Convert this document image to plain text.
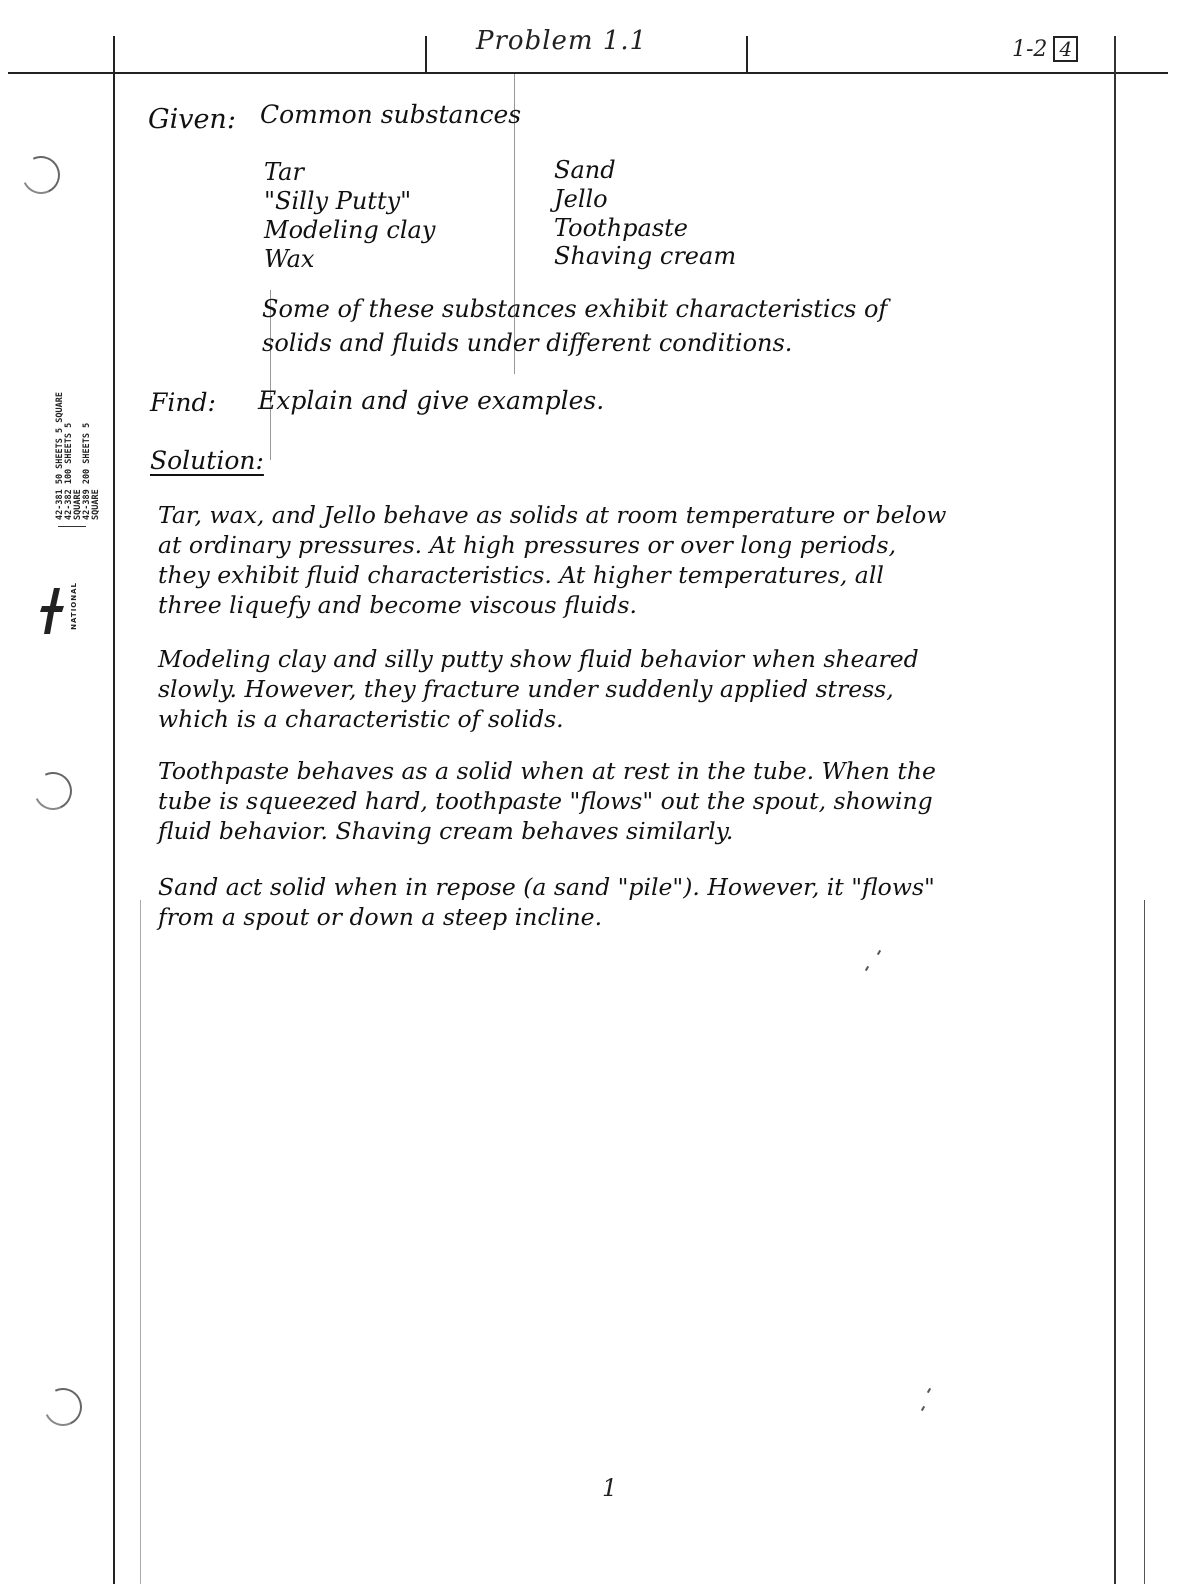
42-381 50 SHEETS 5 SQUARE 42-382 100 SHEETS 5 SQUARE 42-389 200 SHEETS 5 SQUARE
NATIONAL
Problem 1.1	1-2 4
Given: Common substances
Tar
"Silly Putty"
Modeling clay
Wax
Sand
Jello
Toothpaste
Shaving cream
Some of these substances exhibit characteristics of
solids and fluids under different conditions.
Find: Explain and give examples.
Solution:
Tar, wax, and Jello behave as solids at room temperature or below
at ordinary pressures. At high pressures or over long periods,
they exhibit fluid characteristics. At higher temperatures, all
three liquefy and become viscous fluids.
Modeling clay and silly putty show fluid behavior when sheared
slowly. However, they fracture under suddenly applied stress,
which is a characteristic of solids.
Toothpaste behaves as a solid when at rest in the tube. When the
tube is squeezed hard, toothpaste "flows" out the spout, showing
fluid behavior. Shaving cream behaves similarly.
Sand act solid when in repose (a sand "pile"). However, it "flows"
from a spout or down a steep incline.
1
